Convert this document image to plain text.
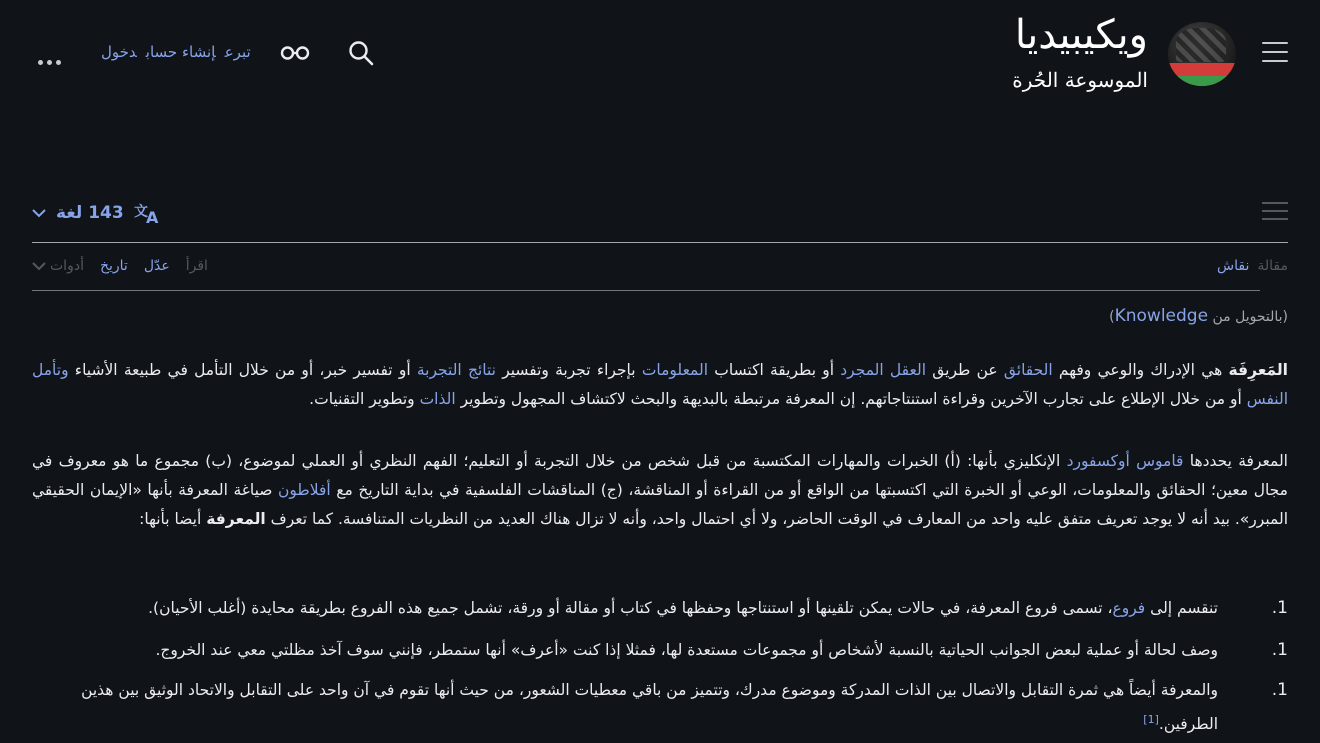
ويكيبيديا
الموسوعة الحُرة
تبرعإنشاء حسابدخول
143 لغة 文
A
مقالة
نقاش
اقرأ
عدّل
تاريخ
أدوات
(بالتحويل من Knowledge)
المَعرِفَة هي الإدراك والوعي وفهم الحقائق عن طريق العقل المجرد أو بطريقة اكتساب المعلومات بإجراء تجربة وتفسير نتائج التجربة أو تفسير خبر، أو من خلال التأمل في طبيعة الأشياء وتأمل النفس أو من خلال الإطلاع على تجارب الآخرين وقراءة استنتاجاتهم. إن المعرفة مرتبطة بالبديهة والبحث لاكتشاف المجهول وتطوير الذات وتطوير التقنيات.
المعرفة يحددها قاموس أوكسفورد الإنكليزي بأنها: (أ) الخبرات والمهارات المكتسبة من قبل شخص من خلال التجربة أو التعليم؛ الفهم النظري أو العملي لموضوع، (ب) مجموع ما هو معروف في مجال معين؛ الحقائق والمعلومات، الوعي أو الخبرة التي اكتسبتها من الواقع أو من القراءة أو المناقشة، (ج) المناقشات الفلسفية في بداية التاريخ مع أفلاطون صياغة المعرفة بأنها «الإيمان الحقيقي المبرر». بيد أنه لا يوجد تعريف متفق عليه واحد من المعارف في الوقت الحاضر، ولا أي احتمال واحد، وأنه لا تزال هناك العديد من النظريات المتنافسة. كما تعرف المعرفة أيضا بأنها:
1.
تنقسم إلى فروع، تسمى فروع المعرفة، في حالات يمكن تلقينها أو استنتاجها وحفظها في كتاب أو مقالة أو ورقة، تشمل جميع هذه الفروع بطريقة محايدة (أغلب الأحيان).
1.
وصف لحالة أو عملية لبعض الجوانب الحياتية بالنسبة لأشخاص أو مجموعات مستعدة لها، فمثلا إذا كنت «أعرف» أنها ستمطر، فإنني سوف آخذ مظلتي معي عند الخروج.
1.
والمعرفة أيضاً هي ثمرة التقابل والاتصال بين الذات المدركة وموضوع مدرك، وتتميز من باقي معطيات الشعور، من حيث أنها تقوم في آن واحد على التقابل والاتحاد الوثيق بين هذين الطرفين.[1]
